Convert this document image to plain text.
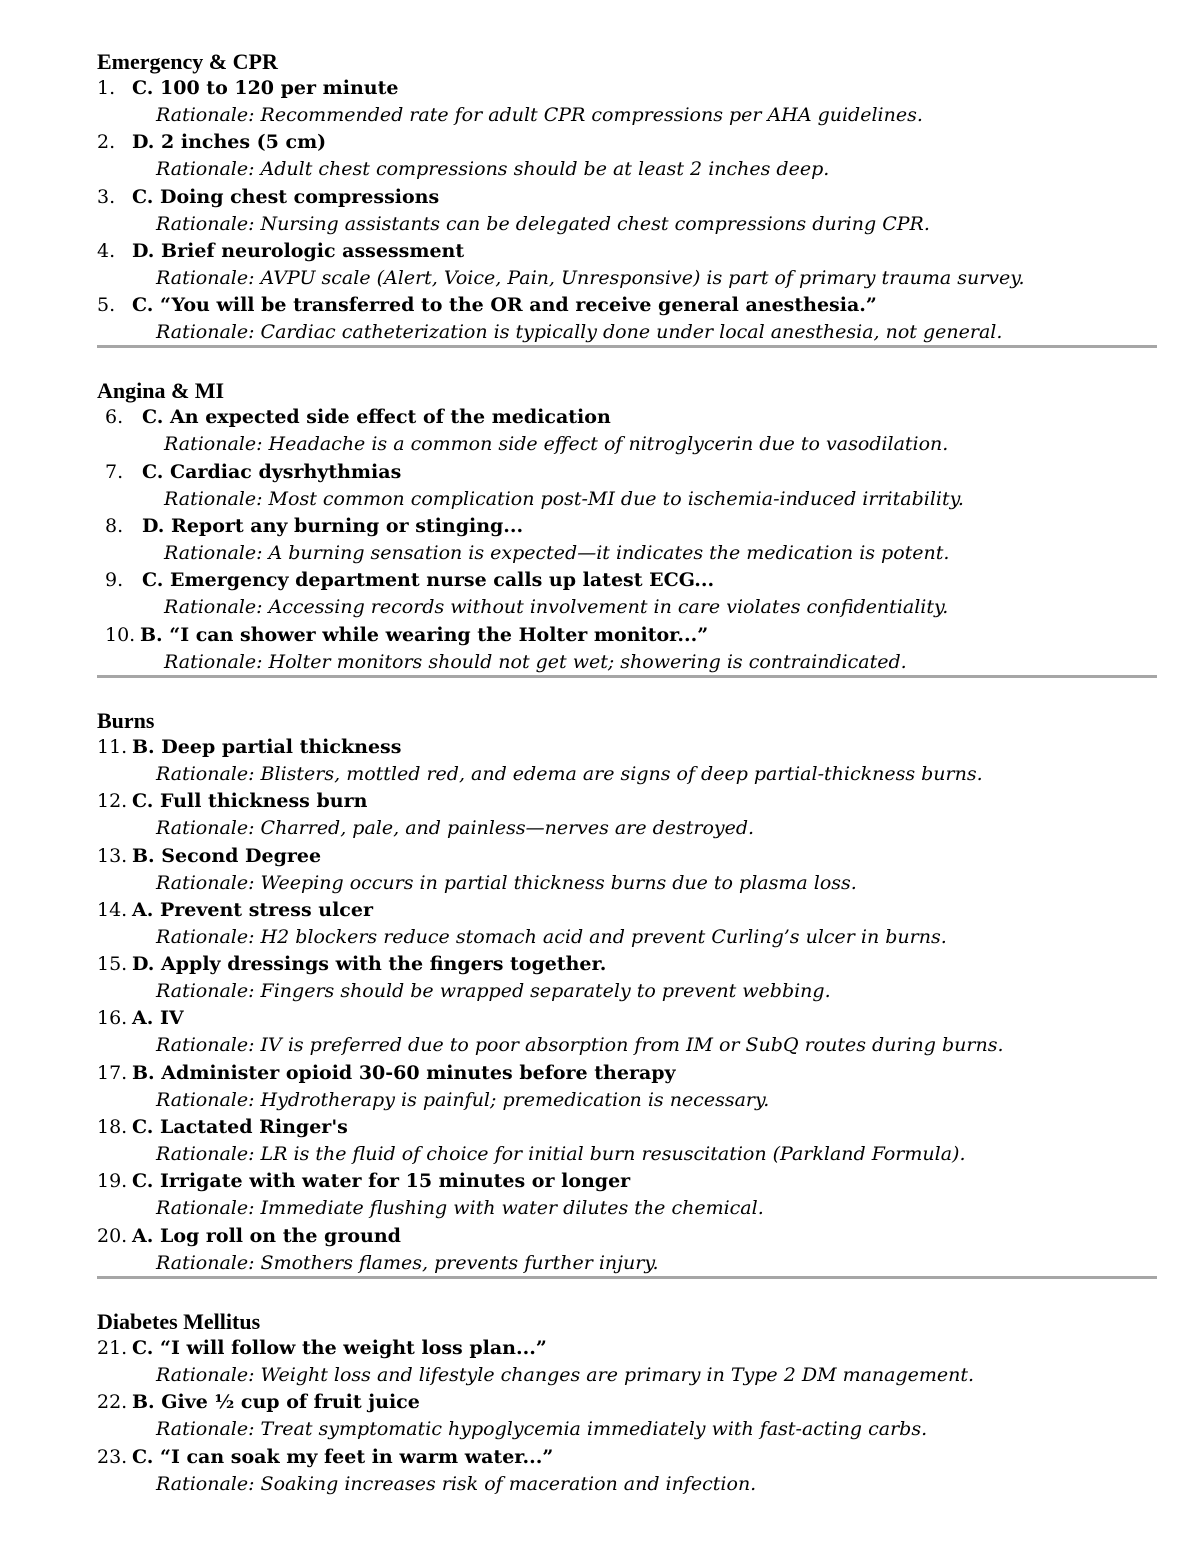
Emergency & CPR
1. C. 100 to 120 per minute
Rationale: Recommended rate for adult CPR compressions per AHA guidelines.
2. D. 2 inches (5 cm)
Rationale: Adult chest compressions should be at least 2 inches deep.
3. C. Doing chest compressions
Rationale: Nursing assistants can be delegated chest compressions during CPR.
4. D. Brief neurologic assessment
Rationale: AVPU scale (Alert, Voice, Pain, Unresponsive) is part of primary trauma survey.
5. C. “You will be transferred to the OR and receive general anesthesia.”
Rationale: Cardiac catheterization is typically done under local anesthesia, not general.
Angina & MI
6. C. An expected side effect of the medication
Rationale: Headache is a common side effect of nitroglycerin due to vasodilation.
7. C. Cardiac dysrhythmias
Rationale: Most common complication post-MI due to ischemia-induced irritability.
8. D. Report any burning or stinging...
Rationale: A burning sensation is expected—it indicates the medication is potent.
9. C. Emergency department nurse calls up latest ECG...
Rationale: Accessing records without involvement in care violates confidentiality.
10. B. “I can shower while wearing the Holter monitor...”
Rationale: Holter monitors should not get wet; showering is contraindicated.
Burns
11. B. Deep partial thickness
Rationale: Blisters, mottled red, and edema are signs of deep partial-thickness burns.
12. C. Full thickness burn
Rationale: Charred, pale, and painless—nerves are destroyed.
13. B. Second Degree
Rationale: Weeping occurs in partial thickness burns due to plasma loss.
14. A. Prevent stress ulcer
Rationale: H2 blockers reduce stomach acid and prevent Curling’s ulcer in burns.
15. D. Apply dressings with the fingers together.
Rationale: Fingers should be wrapped separately to prevent webbing.
16. A. IV
Rationale: IV is preferred due to poor absorption from IM or SubQ routes during burns.
17. B. Administer opioid 30-60 minutes before therapy
Rationale: Hydrotherapy is painful; premedication is necessary.
18. C. Lactated Ringer's
Rationale: LR is the fluid of choice for initial burn resuscitation (Parkland Formula).
19. C. Irrigate with water for 15 minutes or longer
Rationale: Immediate flushing with water dilutes the chemical.
20. A. Log roll on the ground
Rationale: Smothers flames, prevents further injury.
Diabetes Mellitus
21. C. “I will follow the weight loss plan...”
Rationale: Weight loss and lifestyle changes are primary in Type 2 DM management.
22. B. Give ½ cup of fruit juice
Rationale: Treat symptomatic hypoglycemia immediately with fast-acting carbs.
23. C. “I can soak my feet in warm water...”
Rationale: Soaking increases risk of maceration and infection.
